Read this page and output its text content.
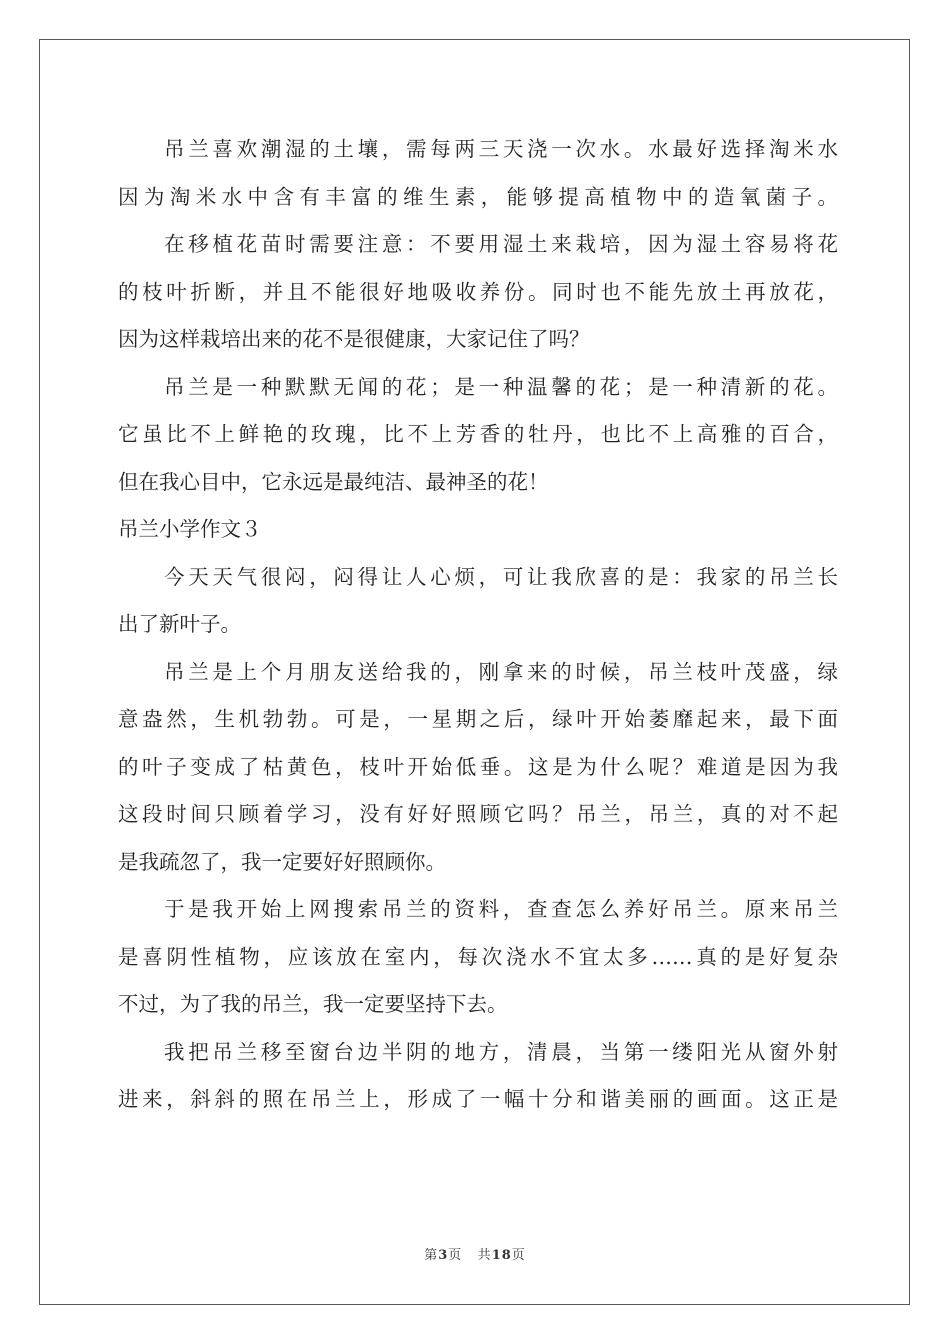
吊兰喜欢潮湿的土壤，需每两三天浇一次水。水最好选择淘米水
因为淘米水中含有丰富的维生素，能够提高植物中的造氧菌子。
在移植花苗时需要注意：不要用湿土来栽培，因为湿土容易将花
的枝叶折断，并且不能很好地吸收养份。同时也不能先放土再放花，
因为这样栽培出来的花不是很健康，大家记住了吗？
吊兰是一种默默无闻的花；是一种温馨的花；是一种清新的花。
它虽比不上鲜艳的玫瑰，比不上芳香的牡丹，也比不上高雅的百合，
但在我心目中，它永远是最纯洁、最神圣的花！
吊兰小学作文３
今天天气很闷，闷得让人心烦，可让我欣喜的是：我家的吊兰长
出了新叶子。
吊兰是上个月朋友送给我的，刚拿来的时候，吊兰枝叶茂盛，绿
意盎然，生机勃勃。可是，一星期之后，绿叶开始萎靡起来，最下面
的叶子变成了枯黄色，枝叶开始低垂。这是为什么呢？难道是因为我
这段时间只顾着学习，没有好好照顾它吗？吊兰，吊兰，真的对不起
是我疏忽了，我一定要好好照顾你。
于是我开始上网搜索吊兰的资料，查查怎么养好吊兰。原来吊兰
是喜阴性植物，应该放在室内，每次浇水不宜太多……真的是好复杂
不过，为了我的吊兰，我一定要坚持下去。
我把吊兰移至窗台边半阴的地方，清晨，当第一缕阳光从窗外射
进来，斜斜的照在吊兰上，形成了一幅十分和谐美丽的画面。这正是
第3页 共18页
